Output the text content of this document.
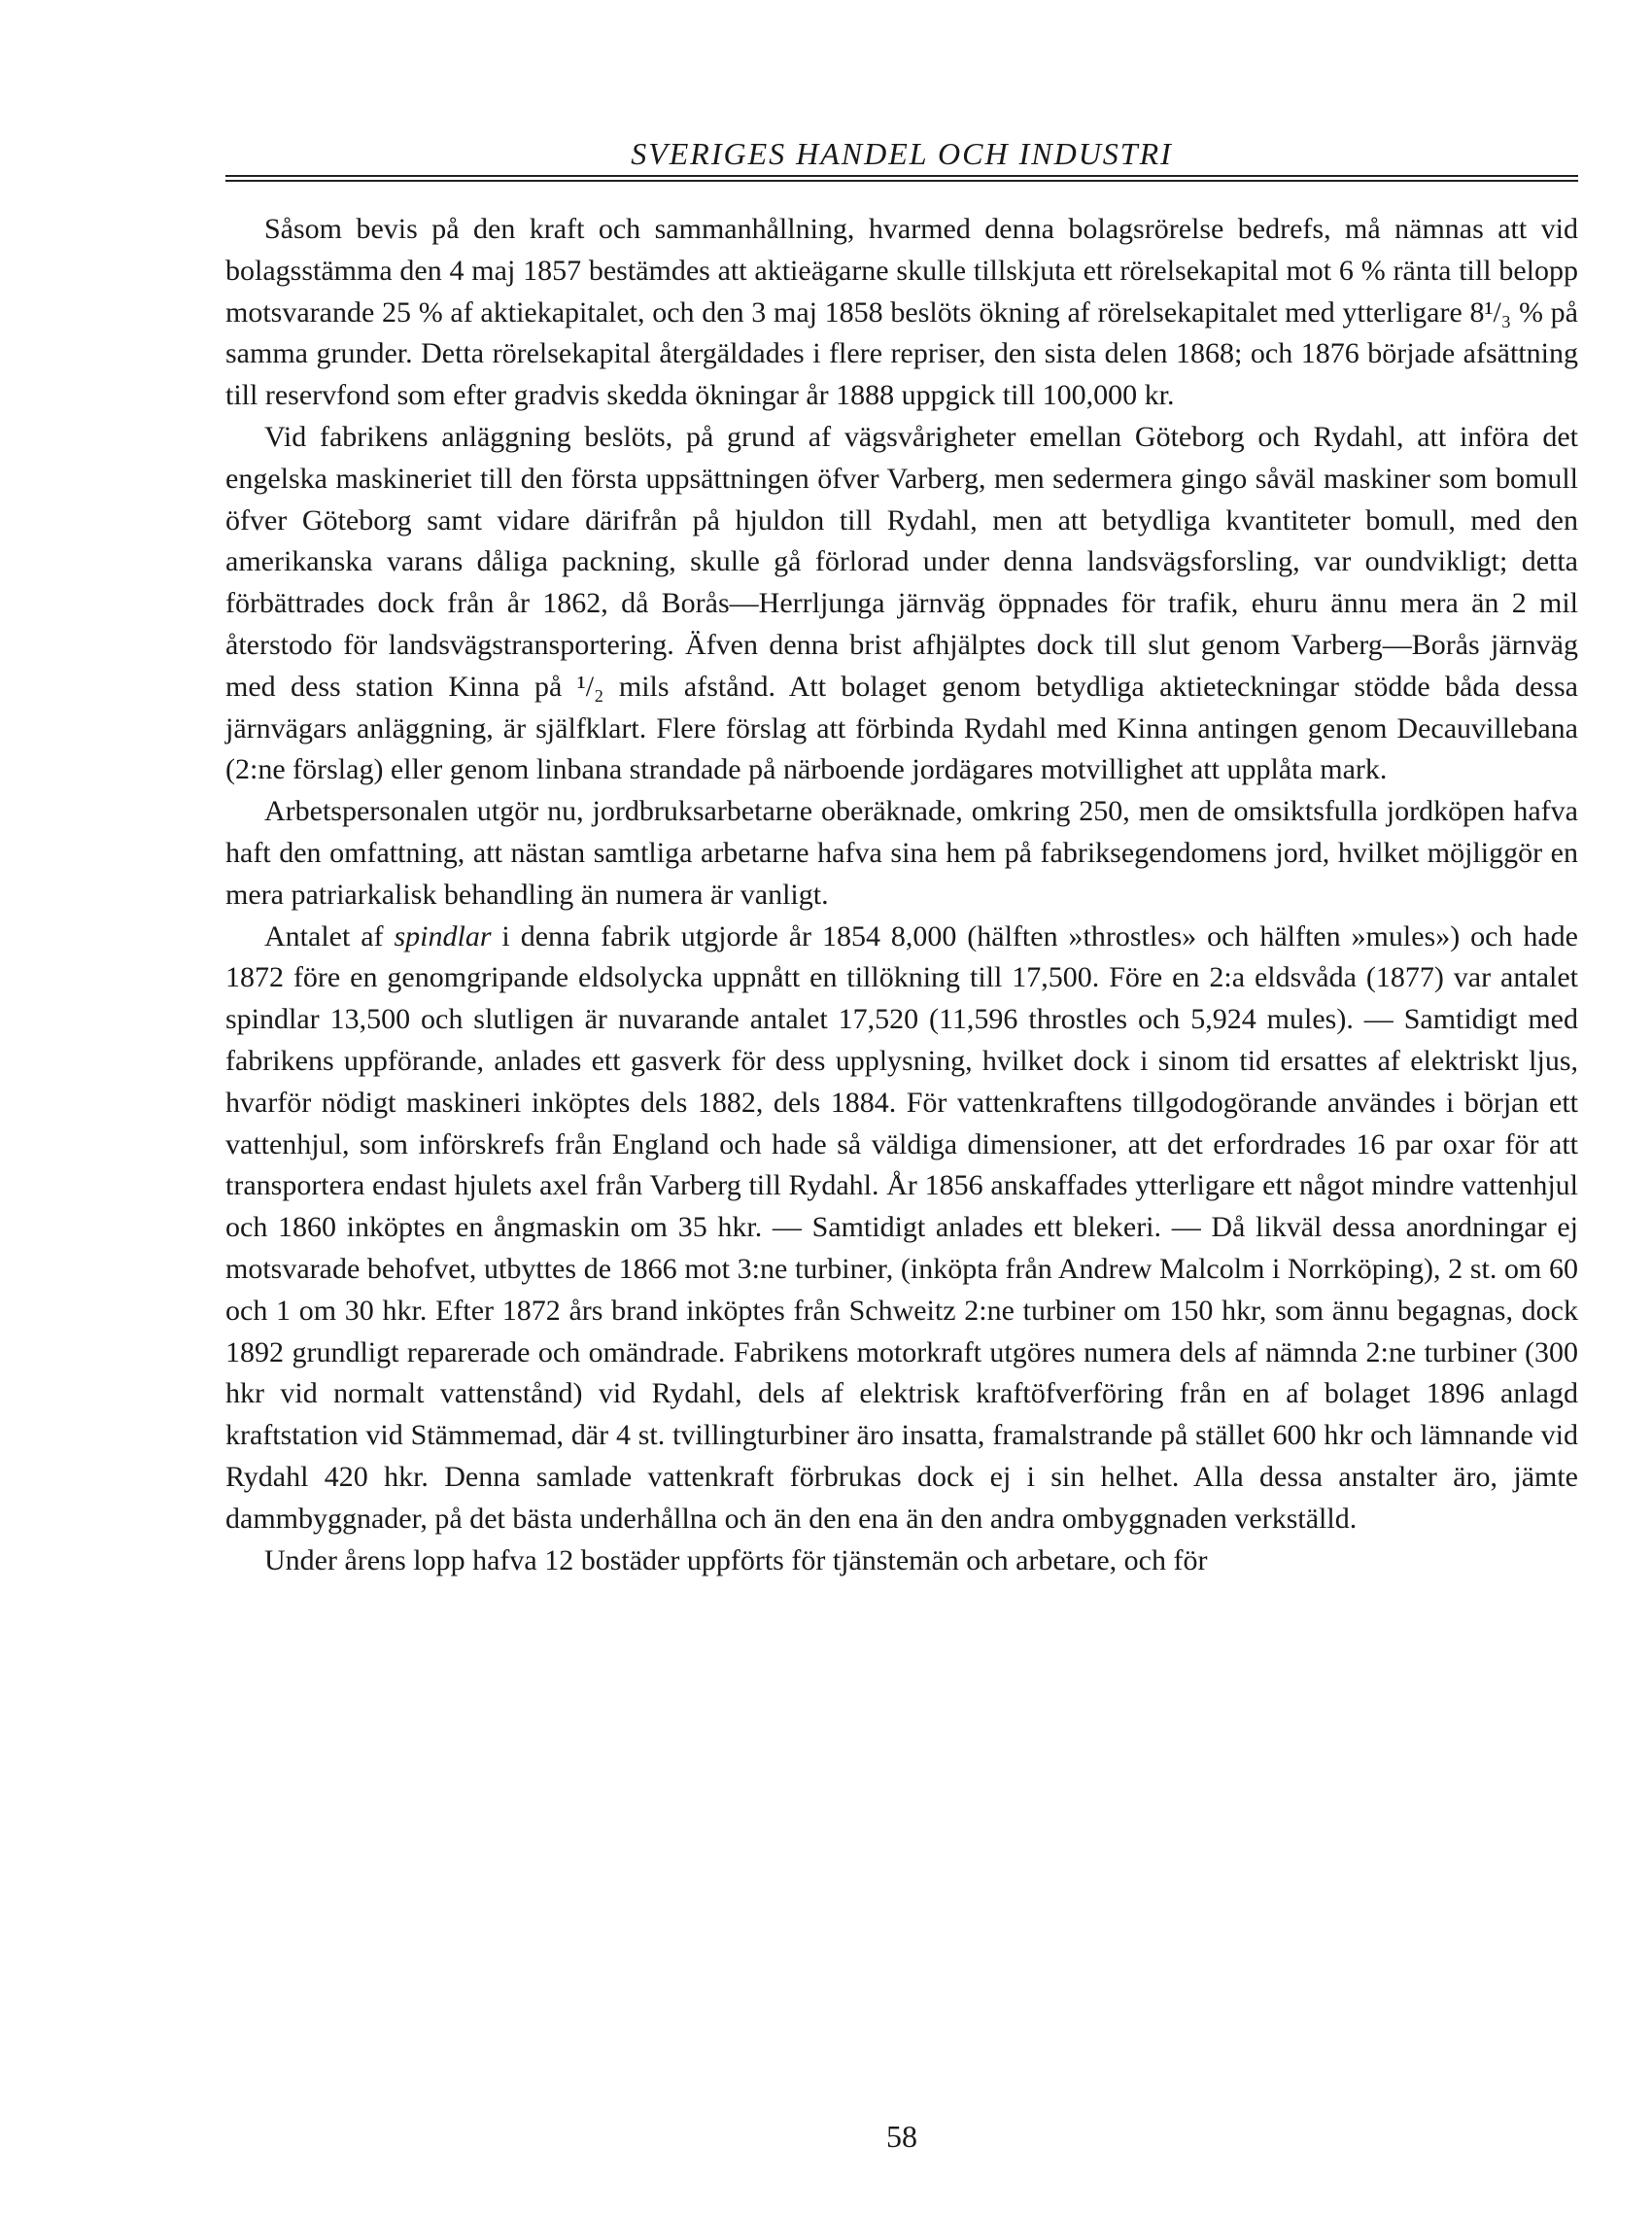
SVERIGES HANDEL OCH INDUSTRI

Såsom bevis på den kraft och sammanhållning, hvarmed denna bolagsrörelse bedrefs, må nämnas att vid bolagsstämma den 4 maj 1857 bestämdes att aktieägarne skulle tillskjuta ett rörelsekapital mot 6 % ränta till belopp motsvarande 25 % af aktiekapitalet, och den 3 maj 1858 beslöts ökning af rörelsekapitalet med ytterligare 8¹/₃ % på samma grunder. Detta rörelsekapital återgäldades i flere repriser, den sista delen 1868; och 1876 började afsättning till reservfond som efter gradvis skedda ökningar år 1888 uppgick till 100,000 kr.

Vid fabrikens anläggning beslöts, på grund af vägsvårigheter emellan Göteborg och Rydahl, att införa det engelska maskineriet till den första uppsättningen öfver Varberg, men sedermera gingo såväl maskiner som bomull öfver Göteborg samt vidare därifrån på hjuldon till Rydahl, men att betydliga kvantiteter bomull, med den amerikanska varans dåliga packning, skulle gå förlorad under denna landsvägsforsling, var oundvikligt; detta förbättrades dock från år 1862, då Borås—Herrljunga järnväg öppnades för trafik, ehuru ännu mera än 2 mil återstodo för landsvägstransportering. Äfven denna brist afhjälptes dock till slut genom Varberg—Borås järnväg med dess station Kinna på ¹/₂ mils afstånd. Att bolaget genom betydliga aktieteckningar stödde båda dessa järnvägars anläggning, är själfklart. Flere förslag att förbinda Rydahl med Kinna antingen genom Decauvillebana (2:ne förslag) eller genom linbana strandade på närboende jordägares motvillighet att upplåta mark.

Arbetspersonalen utgör nu, jordbruksarbetarne oberäknade, omkring 250, men de omsiktsfulla jordköpen hafva haft den omfattning, att nästan samtliga arbetarne hafva sina hem på fabriksegendomens jord, hvilket möjliggör en mera patriarkalisk behandling än numera är vanligt.

Antalet af spindlar i denna fabrik utgjorde år 1854 8,000 (hälften »throstles» och hälften »mules») och hade 1872 före en genomgripande eldsolycka uppnått en tillökning till 17,500. Före en 2:a eldsvåda (1877) var antalet spindlar 13,500 och slutligen är nuvarande antalet 17,520 (11,596 throstles och 5,924 mules). — Samtidigt med fabrikens uppförande, anlades ett gasverk för dess upplysning, hvilket dock i sinom tid ersattes af elektriskt ljus, hvarför nödigt maskineri inköptes dels 1882, dels 1884. För vattenkraftens tillgodogörande användes i början ett vattenhjul, som införskrefs från England och hade så väldiga dimensioner, att det erfordrades 16 par oxar för att transportera endast hjulets axel från Varberg till Rydahl. År 1856 anskaffades ytterligare ett något mindre vattenhjul och 1860 inköptes en ångmaskin om 35 hkr. — Samtidigt anlades ett blekeri. — Då likväl dessa anordningar ej motsvarade behofvet, utbyttes de 1866 mot 3:ne turbiner, (inköpta från Andrew Malcolm i Norrköping), 2 st. om 60 och 1 om 30 hkr. Efter 1872 års brand inköptes från Schweitz 2:ne turbiner om 150 hkr, som ännu begagnas, dock 1892 grundligt reparerade och omändrade. Fabrikens motorkraft utgöres numera dels af nämnda 2:ne turbiner (300 hkr vid normalt vattenstånd) vid Rydahl, dels af elektrisk kraftöfverföring från en af bolaget 1896 anlagd kraftstation vid Stämmemad, där 4 st. tvillingturbiner äro insatta, framalstrande på stället 600 hkr och lämnande vid Rydahl 420 hkr. Denna samlade vattenkraft förbrukas dock ej i sin helhet. Alla dessa anstalter äro, jämte dammbyggnader, på det bästa underhållna och än den ena än den andra ombyggnaden verkställd.

Under årens lopp hafva 12 bostäder uppförts för tjänstemän och arbetare, och för

58
